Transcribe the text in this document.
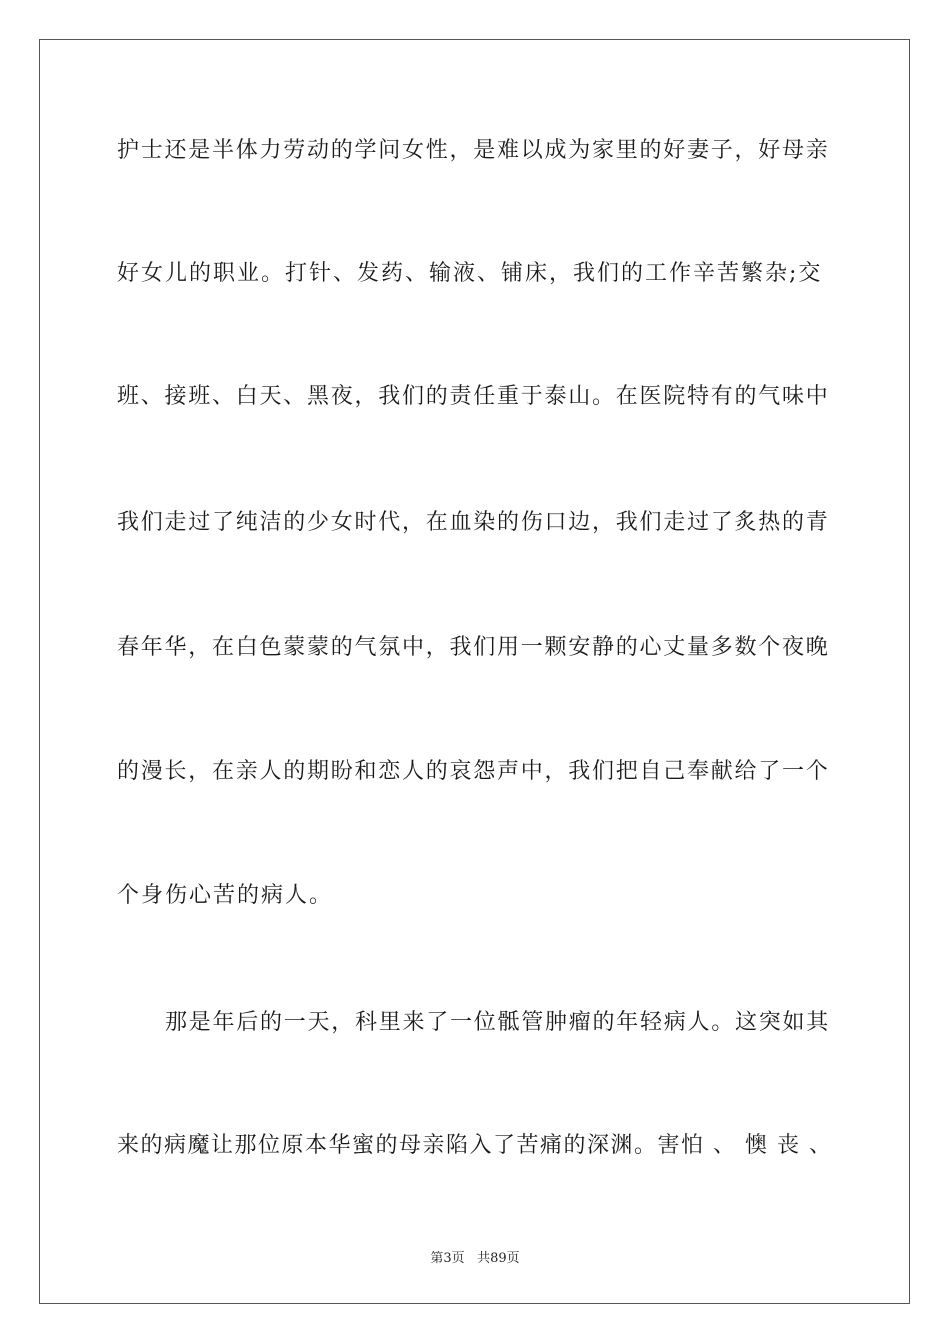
护士还是半体力劳动的学问女性，是难以成为家里的好妻子，好母亲
好女儿的职业。打针、发药、输液、铺床，我们的工作辛苦繁杂;交
班、接班、白天、黑夜，我们的责任重于泰山。在医院特有的气味中
我们走过了纯洁的少女时代，在血染的伤口边，我们走过了炙热的青
春年华，在白色蒙蒙的气氛中，我们用一颗安静的心丈量多数个夜晚
的漫长，在亲人的期盼和恋人的哀怨声中，我们把自己奉献给了一个
个身伤心苦的病人。
那是年后的一天，科里来了一位骶管肿瘤的年轻病人。这突如其
来的病魔让那位原本华蜜的母亲陷入了苦痛的深渊。害怕 、 懊 丧 、
第3页 共89页
